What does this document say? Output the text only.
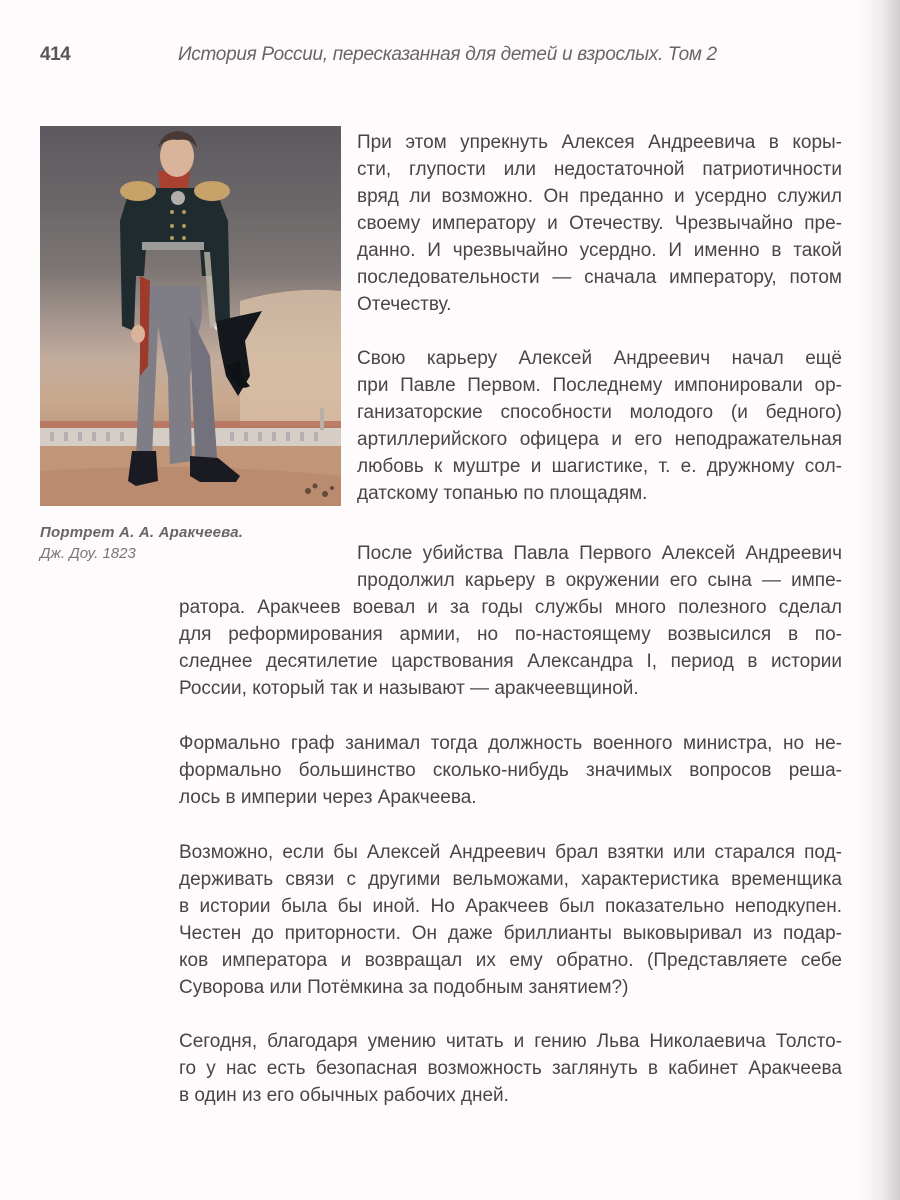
414	История России, пересказанная для детей и взрослых. Том 2
Портрет А. А. Аракчеева.
Дж. Доу. 1823

При этом упрекнуть Алексея Андреевича в коры-
сти, глупости или недостаточной патриотичности
вряд ли возможно. Он преданно и усердно служил
своему императору и Отечеству. Чрезвычайно пре-
данно. И чрезвычайно усердно. И именно в такой
последовательности — сначала императору, потом
Отечеству.

Свою карьеру Алексей Андреевич начал ещё
при Павле Первом. Последнему импонировали ор-
ганизаторские способности молодого (и бедного)
артиллерийского офицера и его неподражательная
любовь к муштре и шагистике, т. е. дружному сол-
датскому топанью по площадям.

После убийства Павла Первого Алексей Андреевич
продолжил карьеру в окружении его сына — импе-
ратора. Аракчеев воевал и за годы службы много полезного сделал
для реформирования армии, но по-настоящему возвысился в по-
следнее десятилетие царствования Александра I, период в истории
России, который так и называют — аракчеевщиной.

Формально граф занимал тогда должность военного министра, но не-
формально большинство сколько-нибудь значимых вопросов реша-
лось в империи через Аракчеева.

Возможно, если бы Алексей Андреевич брал взятки или старался под-
держивать связи с другими вельможами, характеристика временщика
в истории была бы иной. Но Аракчеев был показательно неподкупен.
Честен до приторности. Он даже бриллианты выковыривал из подар-
ков императора и возвращал их ему обратно. (Представляете себе
Суворова или Потёмкина за подобным занятием?)

Сегодня, благодаря умению читать и гению Льва Николаевича Толсто-
го у нас есть безопасная возможность заглянуть в кабинет Аракчеева
в один из его обычных рабочих дней.
